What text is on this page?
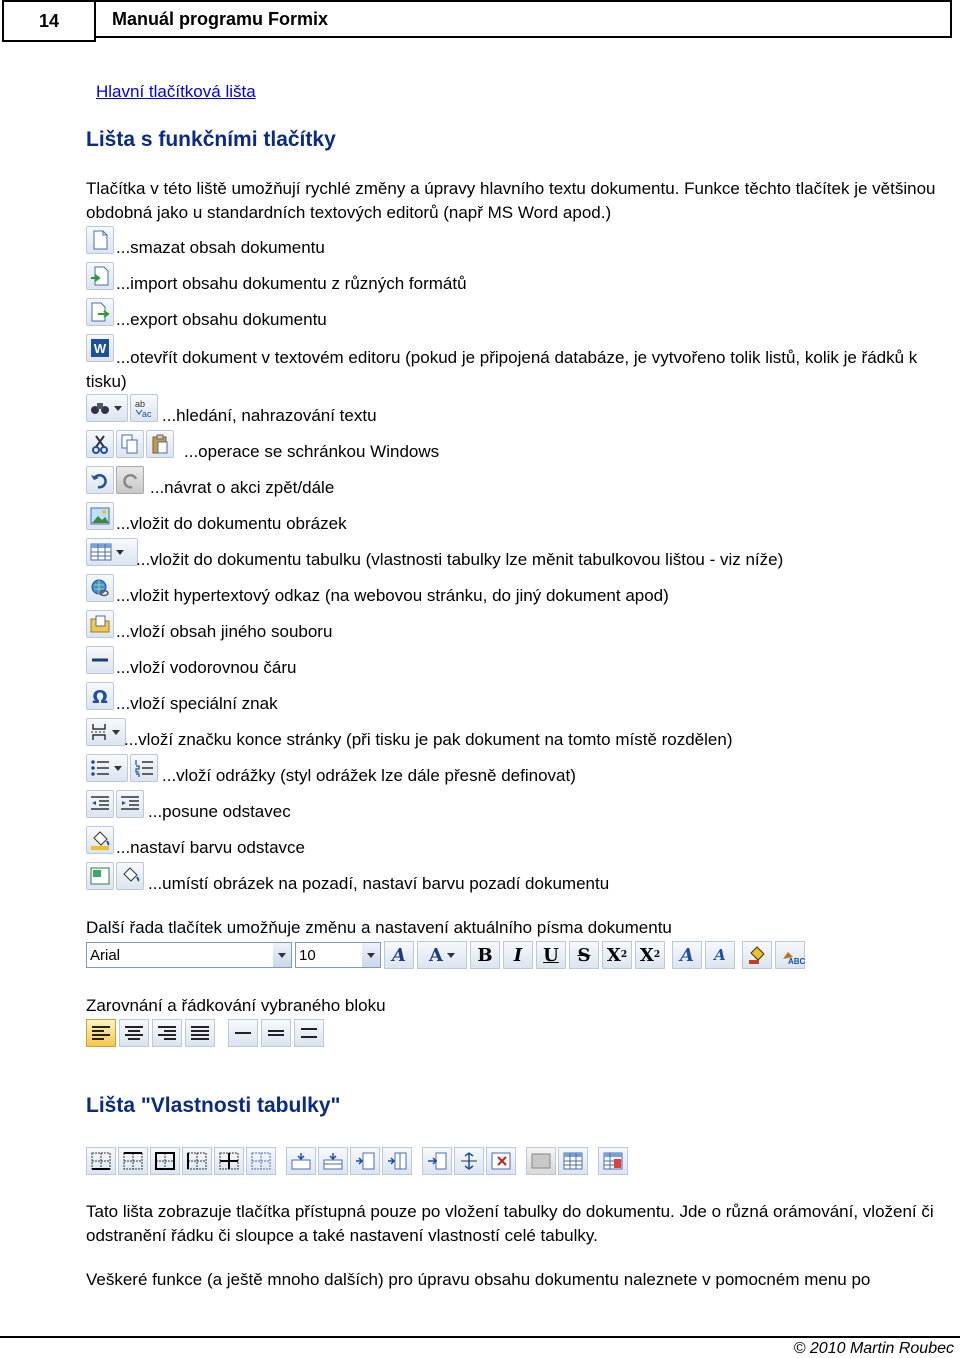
14	Manuál programu Formix
Hlavní tlačítková lišta
Lišta s funkčními tlačítky

Tlačítka v této liště umožňují rychlé změny a úpravy hlavního textu dokumentu. Funkce těchto tlačítek je většinou obdobná jako u standardních textových editorů (např MS Word apod.)

...smazat obsah dokumentu
...import obsahu dokumentu z různých formátů
...export obsahu dokumentu
W ...otevřít dokument v textovém editoru (pokud je připojená databáze, je vytvořeno tolik listů, kolik je řádků k tisku)

ab
ac ...hledání, nahrazování textu
...operace se schránkou Windows
...návrat o akci zpět/dále
...vložit do dokumentu obrázek
...vložit do dokumentu tabulku (vlastnosti tabulky lze měnit tabulkovou lištou - viz níže)
...vložit hypertextový odkaz (na webovou stránku, do jiný dokument apod)
...vloží obsah jiného souboru
...vloží vodorovnou čáru
Ω ...vloží speciální znak
...vloží značku konce stránky (při tisku je pak dokument na tomto místě rozdělen)
...vloží odrážky (styl odrážek lze dále přesně definovat)
...posune odstavec
...nastaví barvu odstavce
...umístí obrázek na pozadí, nastaví barvu pozadí dokumentu

Další řada tlačítek umožňuje změnu a nastavení aktuálního písma dokumentu

Arial	10	A	A	B	I	U	S X 2 X 2	A	A	ABC

Zarovnání a řádkování vybraného bloku

Lišta "Vlastnosti tabulky"

Tato lišta zobrazuje tlačítka přístupná pouze po vložení tabulky do dokumentu. Jde o různá orámování, vložení či odstranění řádku či sloupce a také nastavení vlastností celé tabulky.

Veškeré funkce (a ještě mnoho dalších) pro úpravu obsahu dokumentu naleznete v pomocném menu po

© 2010 Martin Roubec
